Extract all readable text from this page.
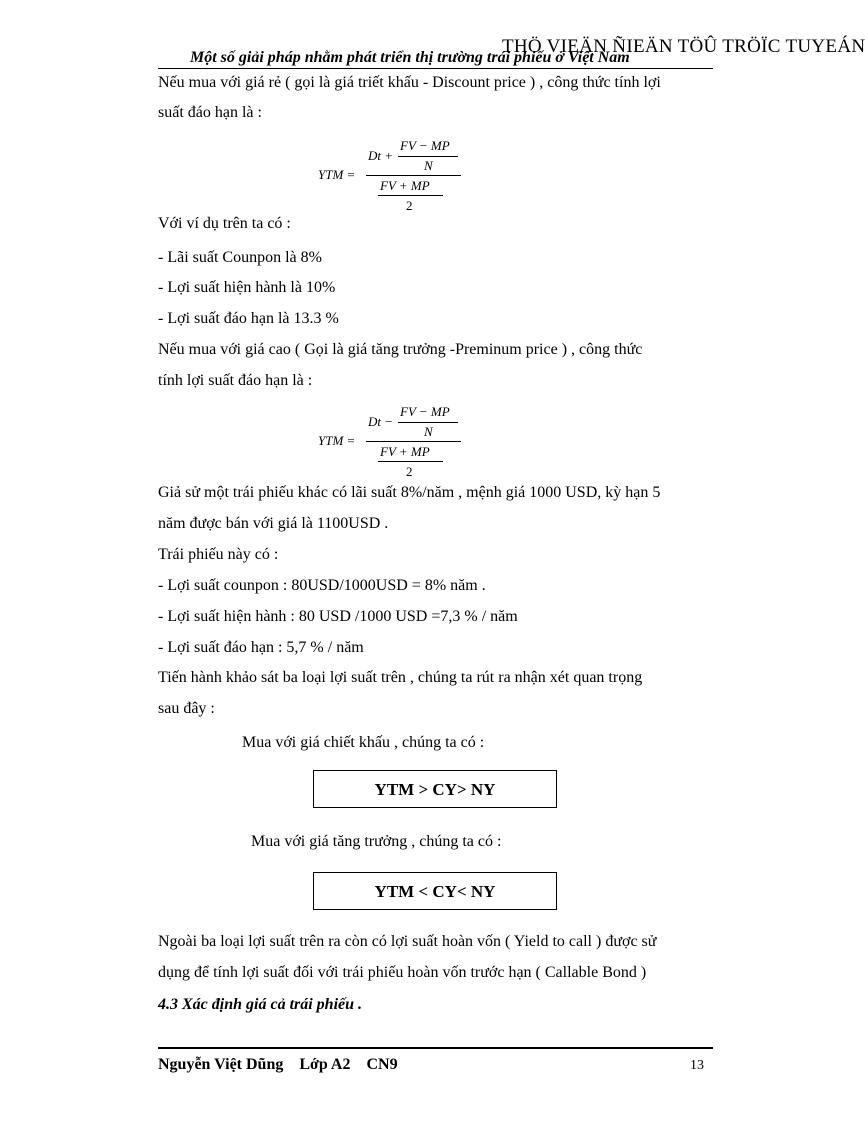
THÖ VIEÄN ÑIEÄN TÖÛ TRÖÏC TUYEÁN
Một số giải pháp nhằm phát triển thị trường trái phiếu ở Việt Nam
Nếu mua với giá rẻ ( gọi là giá triết khấu - Discount price ) , công thức tính lợi
suất đáo hạn là :
YTM =
Dt +
FV − MP
N
FV + MP
2
Với ví dụ trên ta có :
- Lãi suất Counpon là 8%
- Lợi suất hiện hành là 10%
- Lợi suất đáo hạn là 13.3 %
Nếu mua với giá cao ( Gọi là giá tăng trưởng -Preminum price ) , công thức
tính lợi suất đáo hạn là :
YTM =
Dt −
FV − MP
N
FV + MP
2
Giả sử một trái phiếu khác có lãi suất 8%/năm , mệnh giá 1000 USD, kỳ hạn 5
năm được bán với giá là 1100USD .
Trái phiếu này có :
- Lợi suất counpon : 80USD/1000USD = 8% năm .
- Lợi suất hiện hành : 80 USD /1000 USD =7,3 % / năm
- Lợi suất đáo hạn : 5,7 % / năm
Tiến hành khảo sát ba loại lợi suất trên , chúng ta rút ra nhận xét quan trọng
sau đây :
Mua với giá chiết khấu , chúng ta có :
YTM > CY> NY
Mua với giá tăng trưởng , chúng ta có :
YTM < CY< NY
Ngoài ba loại lợi suất trên ra còn có lợi suất hoàn vốn ( Yield to call ) được sử
dụng để tính lợi suất đối với trái phiếu hoàn vốn trước hạn ( Callable Bond )
4.3 Xác định giá cả trái phiếu .
Nguyễn Việt Dũng    Lớp A2    CN9	13
